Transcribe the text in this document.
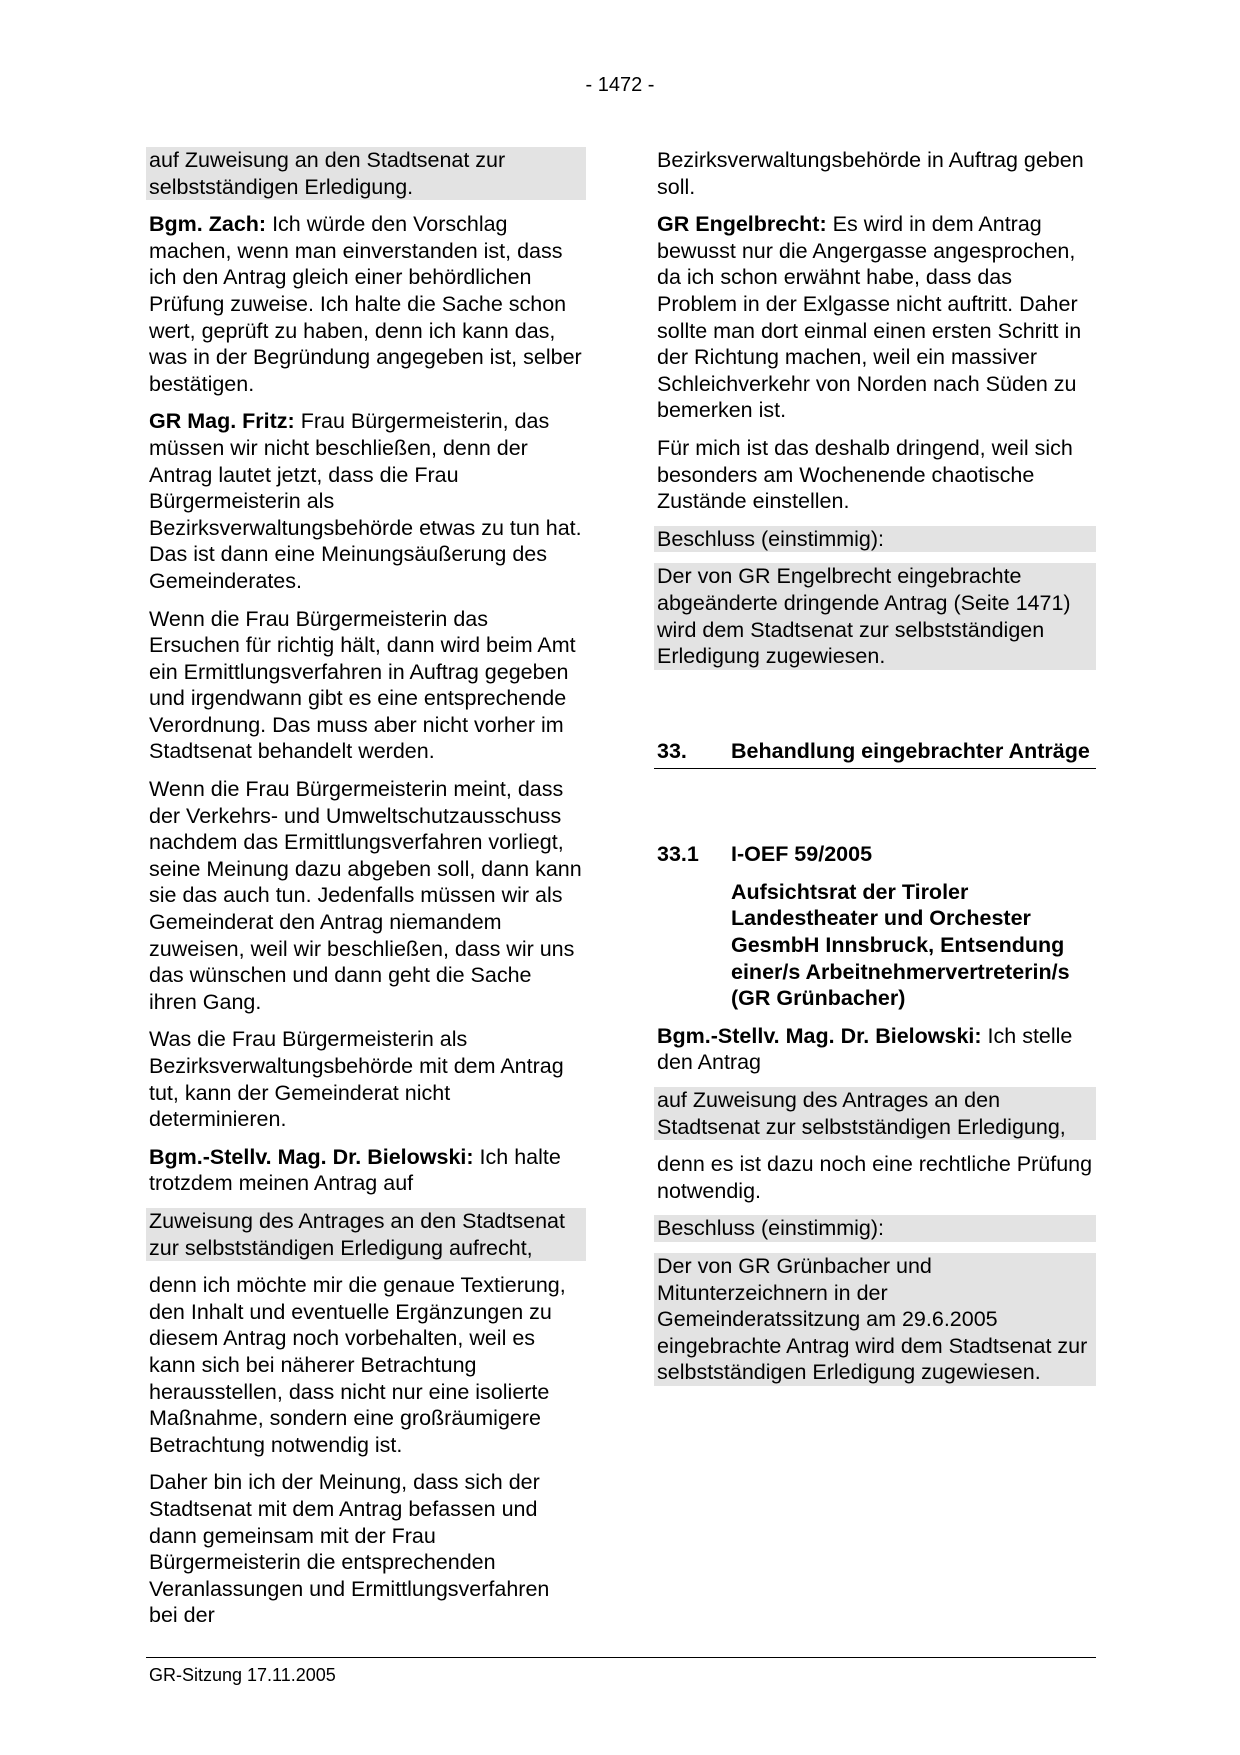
- 1472 -

auf Zuweisung an den Stadtsenat zur selbstständigen Erledigung.

Bgm. Zach: Ich würde den Vorschlag machen, wenn man einverstanden ist, dass ich den Antrag gleich einer behördlichen Prüfung zuweise. Ich halte die Sache schon wert, geprüft zu haben, denn ich kann das, was in der Begründung angegeben ist, selber bestätigen.

GR Mag. Fritz: Frau Bürgermeisterin, das müssen wir nicht beschließen, denn der Antrag lautet jetzt, dass die Frau Bürgermeisterin als Bezirksverwaltungsbehörde etwas zu tun hat. Das ist dann eine Meinungsäußerung des Gemeinderates.

Wenn die Frau Bürgermeisterin das Ersuchen für richtig hält, dann wird beim Amt ein Ermittlungsverfahren in Auftrag gegeben und irgendwann gibt es eine entsprechende Verordnung. Das muss aber nicht vorher im Stadtsenat behandelt werden.

Wenn die Frau Bürgermeisterin meint, dass der Verkehrs- und Umweltschutzausschuss nachdem das Ermittlungsverfahren vorliegt, seine Meinung dazu abgeben soll, dann kann sie das auch tun. Jedenfalls müssen wir als Gemeinderat den Antrag niemandem zuweisen, weil wir beschließen, dass wir uns das wünschen und dann geht die Sache ihren Gang.

Was die Frau Bürgermeisterin als Bezirksverwaltungsbehörde mit dem Antrag tut, kann der Gemeinderat nicht determinieren.

Bgm.-Stellv. Mag. Dr. Bielowski: Ich halte trotzdem meinen Antrag auf

Zuweisung des Antrages an den Stadtsenat zur selbstständigen Erledigung aufrecht,

denn ich möchte mir die genaue Textierung, den Inhalt und eventuelle Ergänzungen zu diesem Antrag noch vorbehalten, weil es kann sich bei näherer Betrachtung herausstellen, dass nicht nur eine isolierte Maßnahme, sondern eine großräumigere Betrachtung notwendig ist.

Daher bin ich der Meinung, dass sich der Stadtsenat mit dem Antrag befassen und dann gemeinsam mit der Frau Bürgermeisterin die entsprechenden Veranlassungen und Ermittlungsverfahren bei der

Bezirksverwaltungsbehörde in Auftrag geben soll.

GR Engelbrecht: Es wird in dem Antrag bewusst nur die Angergasse angesprochen, da ich schon erwähnt habe, dass das Problem in der Exlgasse nicht auftritt. Daher sollte man dort einmal einen ersten Schritt in der Richtung machen, weil ein massiver Schleichverkehr von Norden nach Süden zu bemerken ist.

Für mich ist das deshalb dringend, weil sich besonders am Wochenende chaotische Zustände einstellen.

Beschluss (einstimmig):

Der von GR Engelbrecht eingebrachte abgeänderte dringende Antrag (Seite 1471) wird dem Stadtsenat zur selbstständigen Erledigung zugewiesen.

33.	Behandlung eingebrachter Anträge
33.1	I-OEF 59/2005

Aufsichtsrat der Tiroler Landestheater und Orchester GesmbH Innsbruck, Entsendung einer/s Arbeitnehmervertreterin/s (GR Grünbacher)

Bgm.-Stellv. Mag. Dr. Bielowski: Ich stelle den Antrag

auf Zuweisung des Antrages an den Stadtsenat zur selbstständigen Erledigung,

denn es ist dazu noch eine rechtliche Prüfung notwendig.

Beschluss (einstimmig):

Der von GR Grünbacher und Mitunterzeichnern in der Gemeinderatssitzung am 29.6.2005 eingebrachte Antrag wird dem Stadtsenat zur selbstständigen Erledigung zugewiesen.

GR-Sitzung 17.11.2005
